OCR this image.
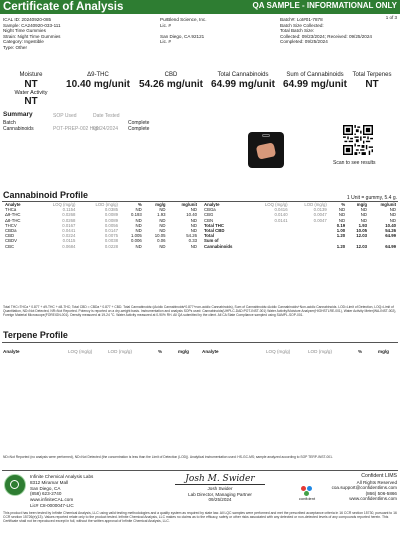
Certificate of Analysis	QA SAMPLE - INFORMATIONAL ONLY
1 of 3
ICAL ID: 20240920-085
Sample: CA240920-033-111
Night Time Gummies
Strain: Night Time Gummies
Category: Ingestible
Type: Other
PurBlend Science, Inc.
Lic. #

San Diego, CA 92121
Lic. #
Batch#: Lot#01-7878
Batch Size Collected:
Total Batch Size:
Collected: 09/23/2024; Received: 09/25/2024
Completed: 09/25/2024
Moisture
NT
Water Activity
NT
Δ9-THC
10.40 mg/unit
CBD
54.26 mg/unit
Total Cannabinoids
64.99 mg/unit
Sum of Cannabinoids
64.99 mg/unit
Total Terpenes
NT
Summary	SOP Used	Date Tested
Batch	Complete
Cannabinoids	POT-PREP-002 High
09/24/2024 Complete
Scan to see results
Cannabinoid Profile	1 Unit = gummy, 5.4 g.
Analyte	LOQ (mg/g)	LOD (mg/g)	%	mg/g	mg/unit
THCa	0.1154	0.0385	ND	ND	ND
Δ9-THC	0.0268	0.0089	0.193	1.93	10.40
Δ8-THC	0.0268	0.0089	ND	ND	ND
THCV	0.0167	0.0056	ND	ND	ND
CBDa	0.0441	0.0147	ND	ND	ND
CBD	0.0224	0.0075	1.005	10.05	54.26
CBDV	0.0115	0.0038	0.006	0.06	0.33
CBC	0.0684	0.0228	ND	ND	ND
Analyte	LOQ (mg/g)	LOD (mg/g)	%	mg/g	mg/unit
CBGa	0.0416	0.0139	ND	ND	ND
CBG	0.0140	0.0047	ND	ND	ND
CBN	0.0141	0.0047	ND	ND	ND
Total THC			0.19	1.93	10.40
Total CBD			1.00	10.05	54.26
Total			1.20	12.03	64.99
Sum of					
Cannabinoids			1.20	12.03	64.99
Total THC=THCa * 0.877 + d9-THC + d8-THC; Total CBD = CBDa * 0.877 + CBD. Total Cannabinoids=(Acidic Cannabinoids*0.877+non-acidic Cannabinoids), Sum of Cannabinoids=Acidic Cannabinoids+Non-acidic Cannabinoids. LOD=Limit of Detection, LOQ=Limit of Quantitation, ND=Not Detected, NR=Not Reported. Potency is reported on a dry-weight basis. Instrumentation and analysis SOPs used: Cannabinoids(UHPLC-DAD:POT-INST-001) Water Activity/Moisture Analyzer(HIGHSTLRE-001), Water Activity Meter(WA-INST-002), Foreign Material Microscope(FOREIGN-001). Density measured at 19-24 °C. Water Activity measured at 0-90% RH. All QA submitted by the client. All CA State Compliance sampled using SAMPL-SOP-001.
Terpene Profile
Analyte	LOQ (mg/g)	LOD (mg/g)	%	mg/g	Analyte	LOQ (mg/g)	LOD (mg/g)	%	mg/g
ND=Not Reported (no analysis were performed), ND=Not Detected (the concentration is less than the Limit of Detection (LOD)). Analytical instrumentation used: HS-GC-MS; sample analyzed according to SOP TERP-INST-001.
Infinite Chemical Analysis Labs
8312 Miramar Mall
San Diego, CA
(858) 623-2740
www.infiniteCAL.com
Lic# C8-0000047-LIC
Josh M. Swider
Josh Swider
Lab Director, Managing Partner
09/25/2024
Confident LIMS
All Rights Reserved
coa.support@confidentlims.com
(866) 506-5866
www.confidentlims.com
confident
This product has been tested by Infinite Chemical Analysis, LLC using valid testing methodologies and a quality system as required by state law. All LQC samples were performed and met the prescribed acceptance criteria in 16 CCR section 15730, pursuant to 16 CCR section 15726(e)(13). Values reported relate only to the product tested. Infinite Chemical Analysis, LLC makes no claims as to the efficacy, safety or other risks associated with any detected or non-detected levels of any compounds reported herein. This Certificate shall not be reproduced except in full, without the written approval of Infinite Chemical Analysis, LLC.
